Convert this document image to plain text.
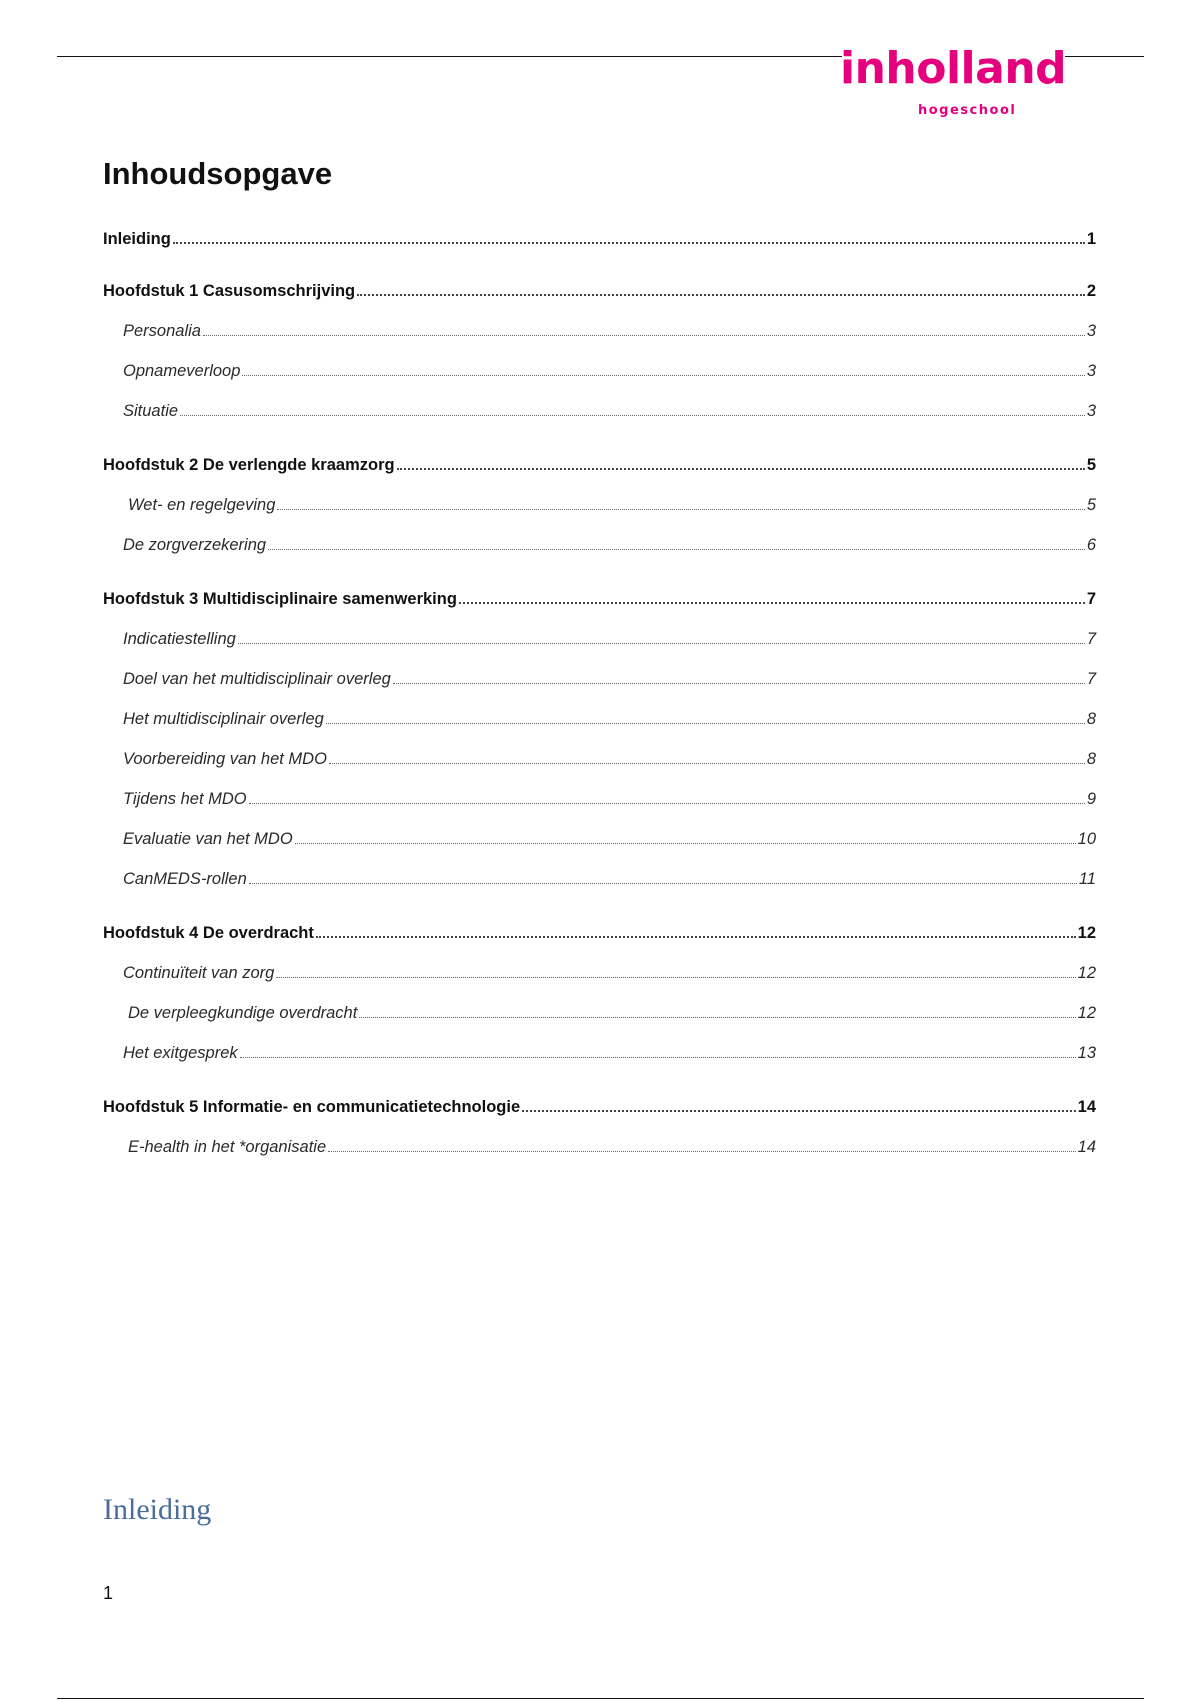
inholland
hogeschool
Inhoudsopgave
Inleiding	1
Hoofdstuk 1 Casusomschrijving	2
Personalia	3
Opnameverloop	3
Situatie	3
Hoofdstuk 2 De verlengde kraamzorg	5
Wet- en regelgeving	5
De zorgverzekering	6
Hoofdstuk 3 Multidisciplinaire samenwerking	7
Indicatiestelling	7
Doel van het multidisciplinair overleg	7
Het multidisciplinair overleg	8
Voorbereiding van het MDO	8
Tijdens het MDO	9
Evaluatie van het MDO	10
CanMEDS-rollen	11
Hoofdstuk 4 De overdracht	12
Continuïteit van zorg	12
De verpleegkundige overdracht	12
Het exitgesprek	13
Hoofdstuk 5 Informatie- en communicatietechnologie	14
E-health in het *organisatie	14
Inleiding
1
